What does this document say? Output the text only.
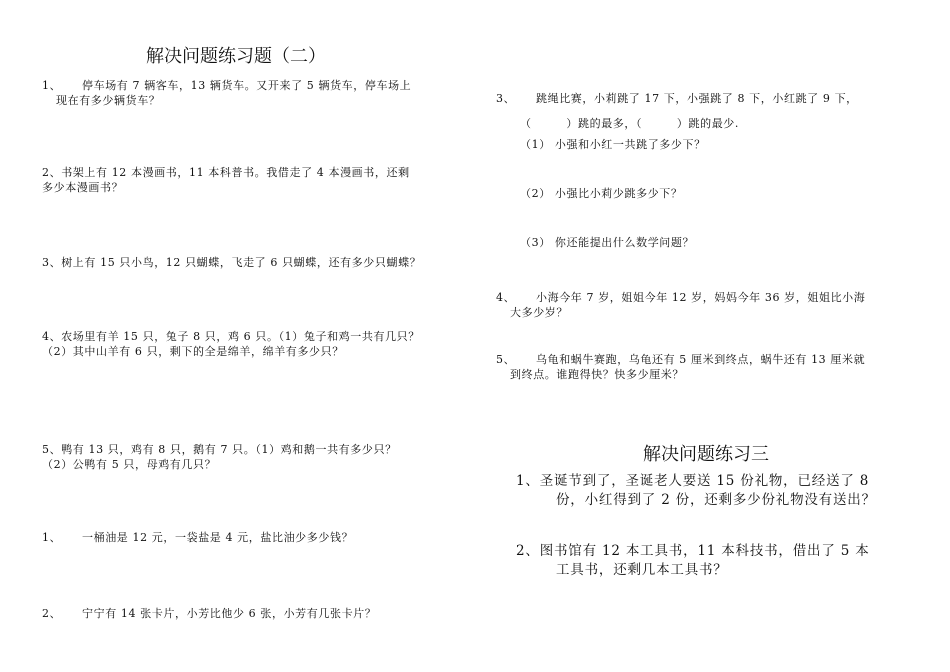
解决问题练习题（二）
1、 停车场有 7 辆客车，13 辆货车。又开来了 5 辆货车，停车场上
现在有多少辆货车？
2、书架上有 12 本漫画书，11 本科普书。我借走了 4 本漫画书，还剩
多少本漫画书？
3、树上有 15 只小鸟，12 只蝴蝶，飞走了 6 只蝴蝶，还有多少只蝴蝶？
4、农场里有羊 15 只，兔子 8 只，鸡 6 只。（1）兔子和鸡一共有几只？
（2）其中山羊有 6 只，剩下的全是绵羊，绵羊有多少只？
5、鸭有 13 只，鸡有 8 只，鹅有 7 只。（1）鸡和鹅一共有多少只？
（2）公鸭有 5 只，母鸡有几只？
1、 一桶油是 12 元，一袋盐是 4 元，盐比油少多少钱？
2、 宁宁有 14 张卡片，小芳比他少 6 张，小芳有几张卡片？
3、 跳绳比赛，小莉跳了 17 下，小强跳了 8 下，小红跳了 9 下，
（　　　）跳的最多，（　　　）跳的最少.
（1） 小强和小红一共跳了多少下？
（2） 小强比小莉少跳多少下？
（3） 你还能提出什么数学问题？
4、 小海今年 7 岁，姐姐今年 12 岁，妈妈今年 36 岁，姐姐比小海
大多少岁？
5、 乌龟和蜗牛赛跑，乌龟还有 5 厘米到终点，蜗牛还有 13 厘米就
到终点。谁跑得快？快多少厘米？
解决问题练习三
1、圣诞节到了，圣诞老人要送 15 份礼物，已经送了 8
份，小红得到了 2 份，还剩多少份礼物没有送出？
2、图书馆有 12 本工具书，11 本科技书，借出了 5 本
工具书，还剩几本工具书？
